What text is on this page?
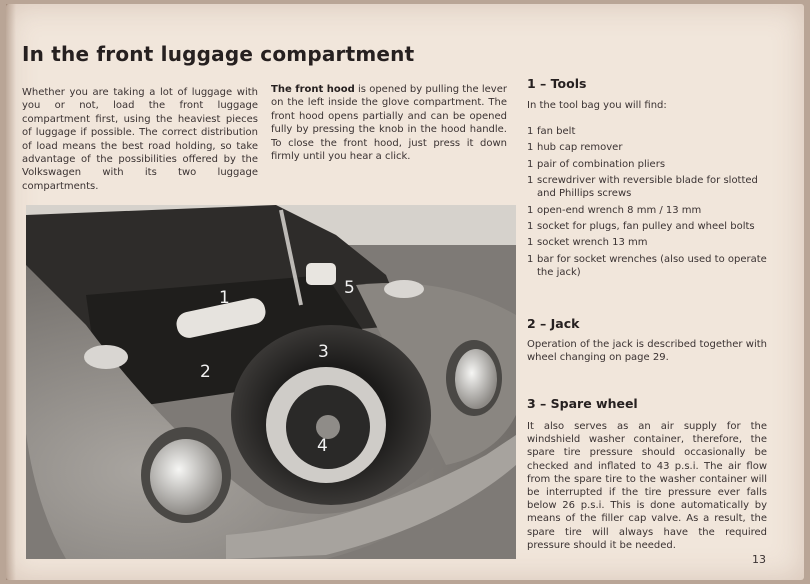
In the front luggage compartment

Whether you are taking a lot of luggage with you or not, load the front luggage compartment first, using the heaviest pieces of luggage if possible. The correct distribution of load means the best road holding, so take advantage of the possibilities offered by the Volkswagen with its two luggage compartments.

The front hood is opened by pulling the lever on the left inside the glove compartment. The front hood opens partially and can be opened fully by pressing the knob in the hood handle. To close the front hood, just press it down firmly until you hear a click.

1
2
3
4
5
1 – Tools
In the tool bag you will find:
1 fan belt
1 hub cap remover
1 pair of combination pliers
1 screwdriver with reversible blade for slotted and Phillips screws
1 open-end wrench 8 mm / 13 mm
1 socket for plugs, fan pulley and wheel bolts
1 socket wrench 13 mm
1 bar for socket wrenches (also used to operate the jack)
2 – Jack

Operation of the jack is described together with wheel changing on page 29.

3 – Spare wheel

It also serves as an air supply for the windshield washer container, therefore, the spare tire pressure should occasionally be checked and inflated to 43 p.s.i. The air flow from the spare tire to the washer container will be interrupted if the tire pressure ever falls below 26 p.s.i. This is done automatically by means of the filler cap valve. As a result, the spare tire will always have the required pressure should it be needed.

13
